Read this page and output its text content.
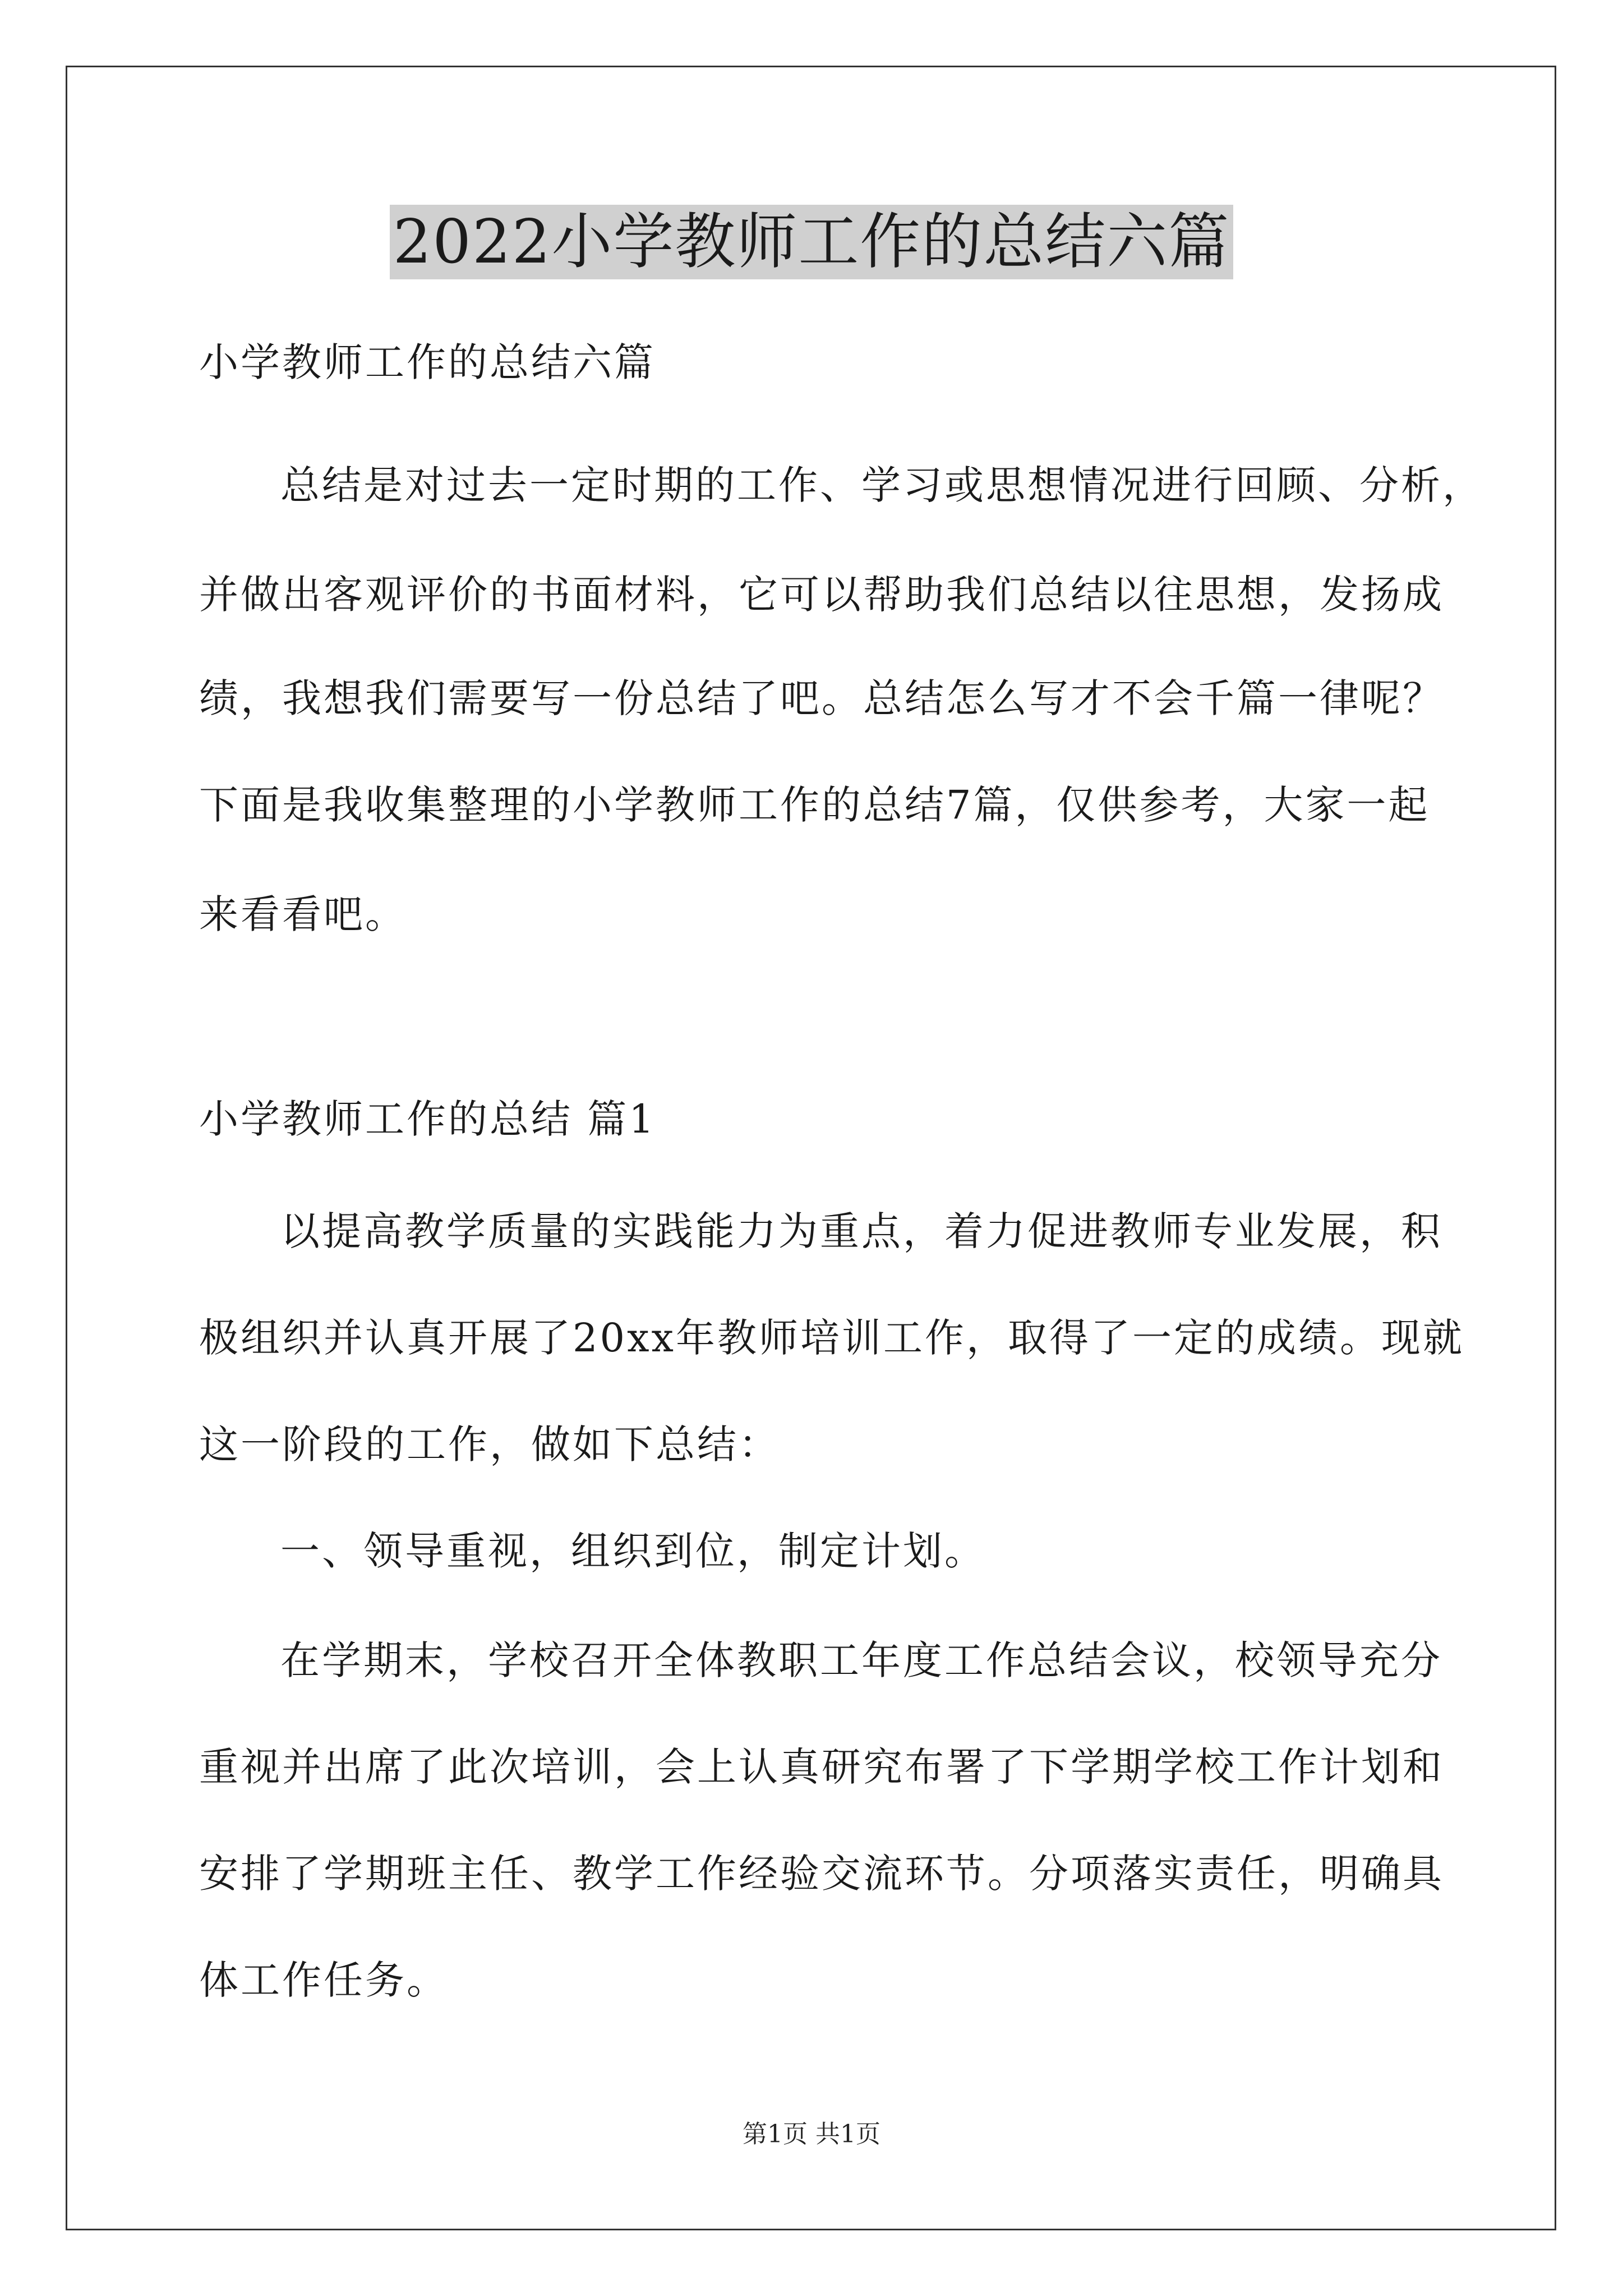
2022小学教师工作的总结六篇
小学教师工作的总结六篇
总结是对过去一定时期的工作、学习或思想情况进行回顾、分析，
并做出客观评价的书面材料，它可以帮助我们总结以往思想，发扬成
绩，我想我们需要写一份总结了吧。总结怎么写才不会千篇一律呢？
下面是我收集整理的小学教师工作的总结7篇，仅供参考，大家一起
来看看吧。
小学教师工作的总结 篇1
以提高教学质量的实践能力为重点，着力促进教师专业发展，积
极组织并认真开展了20xx年教师培训工作，取得了一定的成绩。现就
这一阶段的工作，做如下总结：
一、领导重视，组织到位，制定计划。
在学期末，学校召开全体教职工年度工作总结会议，校领导充分
重视并出席了此次培训，会上认真研究布署了下学期学校工作计划和
安排了学期班主任、教学工作经验交流环节。分项落实责任，明确具
体工作任务。
第1页 共1页
